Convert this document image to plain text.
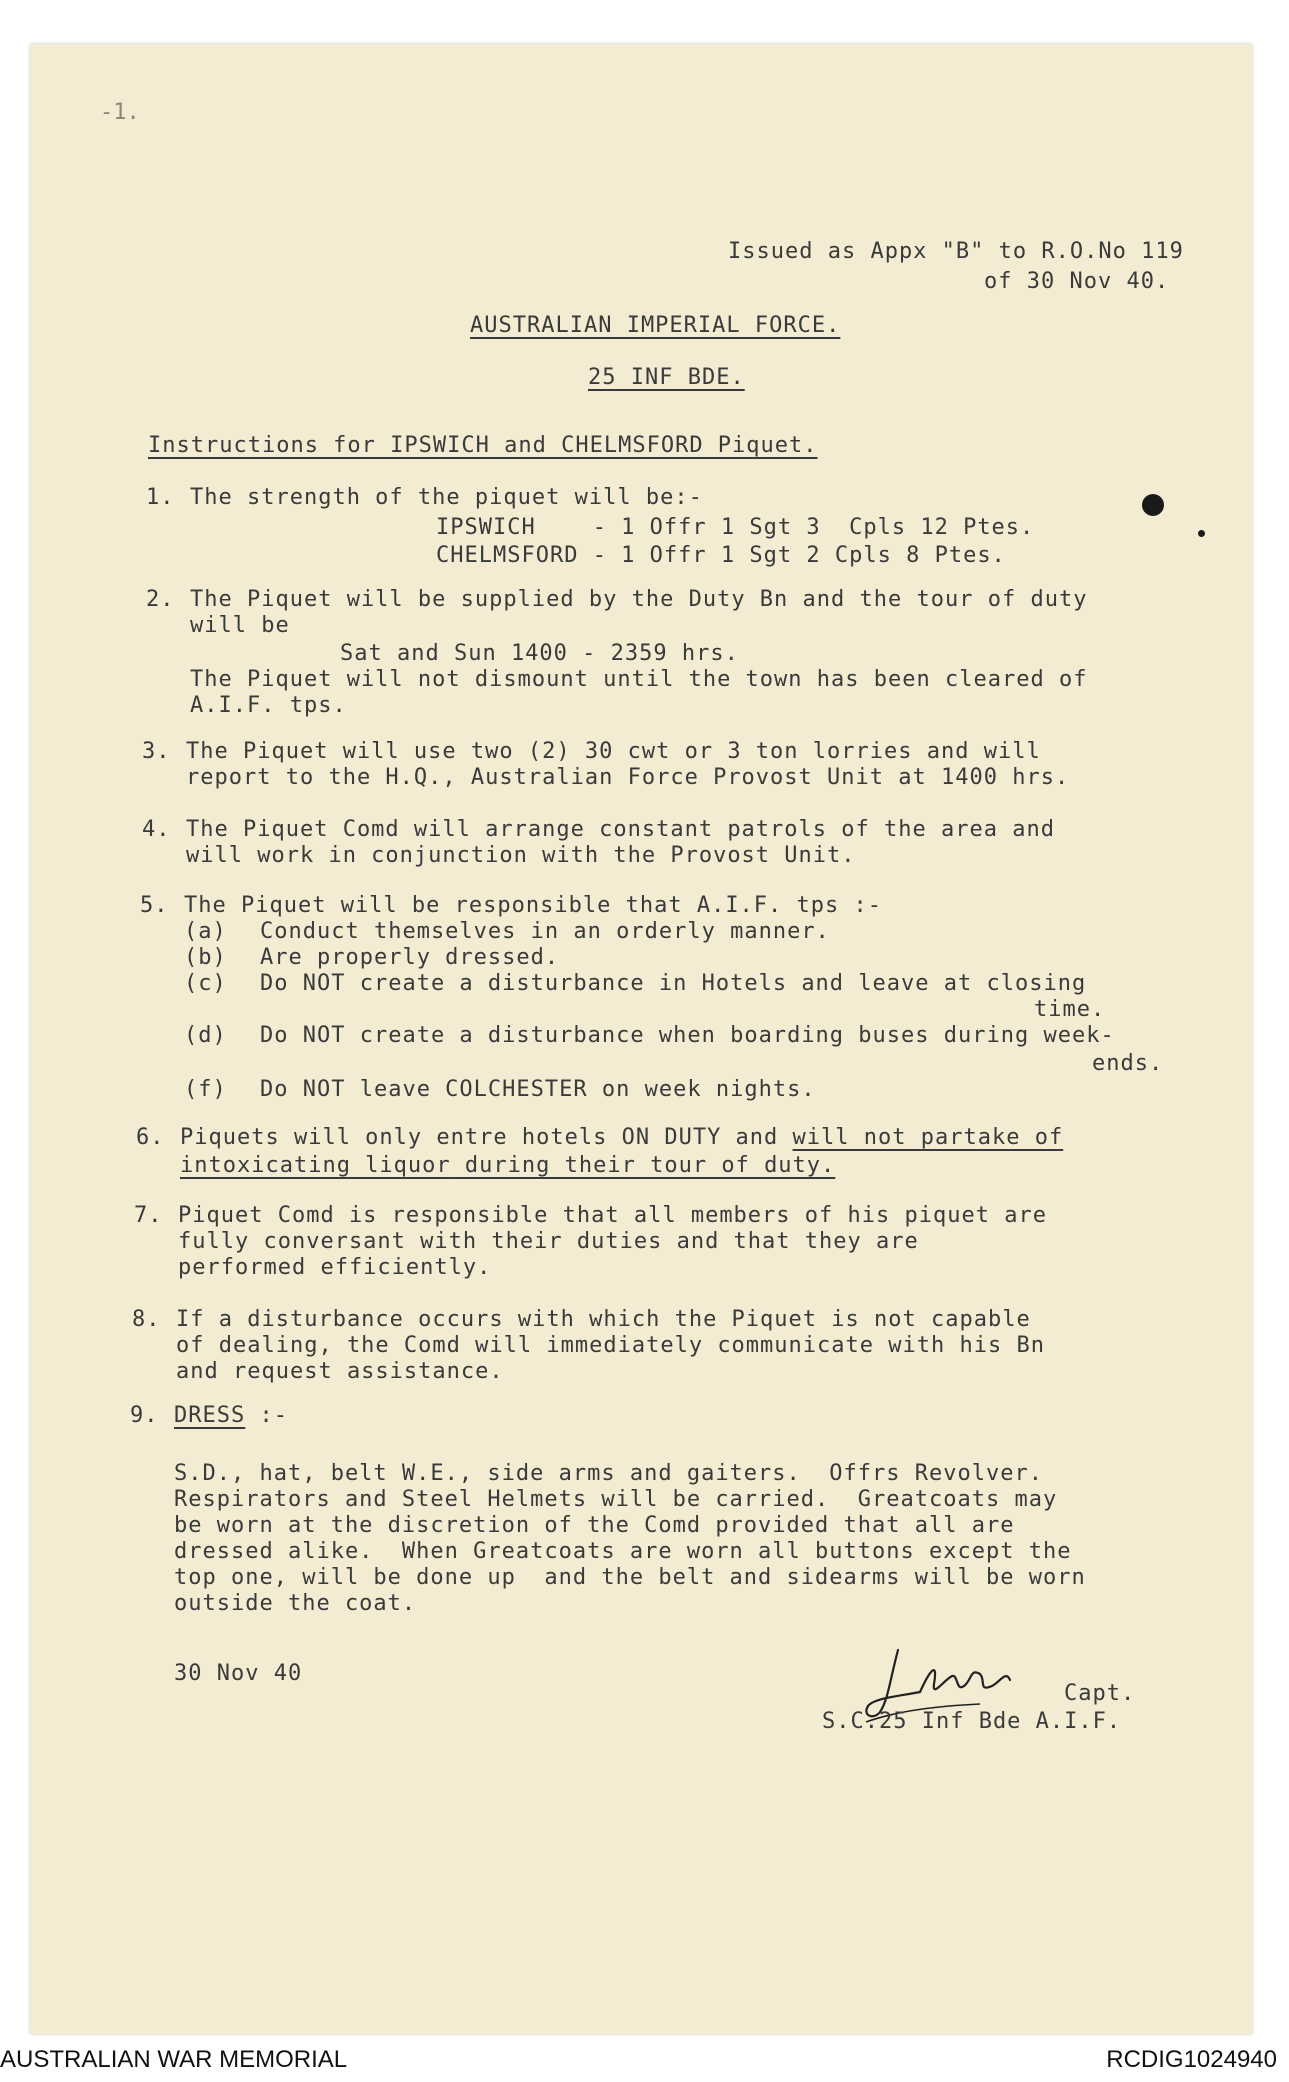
-1.
Issued as Appx "B" to R.O.No 119
of 30 Nov 40.
AUSTRALIAN IMPERIAL FORCE.
25 INF BDE.
Instructions for IPSWICH and CHELMSFORD Piquet.
1. The strength of the piquet will be:-
IPSWICH    - 1 Offr 1 Sgt 3  Cpls 12 Ptes.
CHELMSFORD - 1 Offr 1 Sgt 2 Cpls 8 Ptes.
2. The Piquet will be supplied by the Duty Bn and the tour of duty
will be
Sat and Sun 1400 - 2359 hrs.
The Piquet will not dismount until the town has been cleared of
A.I.F. tps.
3. The Piquet will use two (2) 30 cwt or 3 ton lorries and will
report to the H.Q., Australian Force Provost Unit at 1400 hrs.
4. The Piquet Comd will arrange constant patrols of the area and
will work in conjunction with the Provost Unit.
5. The Piquet will be responsible that A.I.F. tps :-
(a) Conduct themselves in an orderly manner.
(b) Are properly dressed.
(c) Do NOT create a disturbance in Hotels and leave at closing
time.
(d) Do NOT create a disturbance when boarding buses during week-
ends.
(f) Do NOT leave COLCHESTER on week nights.
6. Piquets will only entre hotels ON DUTY and will not partake of
intoxicating liquor during their tour of duty.
7. Piquet Comd is responsible that all members of his piquet are
fully conversant with their duties and that they are
performed efficiently.
8. If a disturbance occurs with which the Piquet is not capable
of dealing, the Comd will immediately communicate with his Bn
and request assistance.
9. DRESS :-
S.D., hat, belt W.E., side arms and gaiters.  Offrs Revolver.
Respirators and Steel Helmets will be carried.  Greatcoats may
be worn at the discretion of the Comd provided that all are
dressed alike.  When Greatcoats are worn all buttons except the
top one, will be done up  and the belt and sidearms will be worn
outside the coat.
30 Nov 40
Capt.
S.C.25 Inf Bde A.I.F.
AUSTRALIAN WAR MEMORIAL	RCDIG1024940
